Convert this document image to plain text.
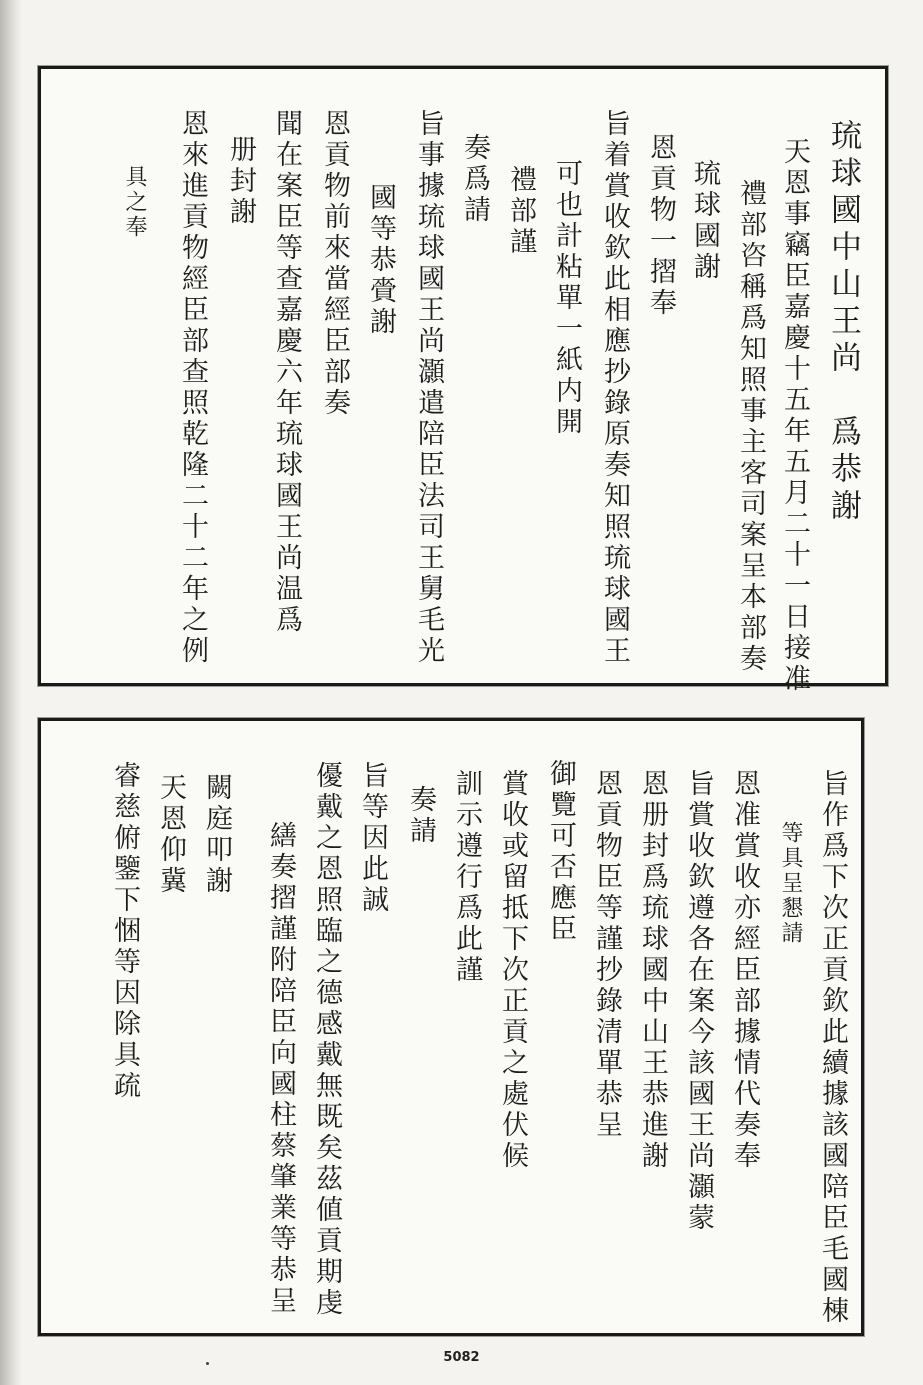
琉球國中山王尚　爲恭謝
天恩事竊臣嘉慶十五年五月二十一日接准
禮部咨稱爲知照事主客司案呈本部奏
琉球國謝
恩貢物一摺奉
旨着賞收欽此相應抄錄原奏知照琉球國王
可也計粘單一紙内開
禮部謹
奏爲請
旨事據琉球國王尚灝遣陪臣法司王舅毛光
國等恭賫謝
恩貢物前來當經臣部奏
聞在案臣等查嘉慶六年琉球國王尚温爲
册封謝
恩來進貢物經臣部查照乾隆二十二年之例
具之奉
旨作爲下次正貢欽此續據該國陪臣毛國棟
等具呈懇請
恩准賞收亦經臣部據情代奏奉
旨賞收欽遵各在案今該國王尚灝蒙
恩册封爲琉球國中山王恭進謝
恩貢物臣等謹抄錄清單恭呈
御覽可否應臣
賞收或留抵下次正貢之處伏候
訓示遵行爲此謹
奏請
旨等因此誠
優戴之恩照臨之德感戴無既矣茲値貢期虔
繕奏摺謹附陪臣向國柱蔡肇業等恭呈
闕庭叩謝
天恩仰冀
睿慈俯鑒下悃等因除具疏
5082
